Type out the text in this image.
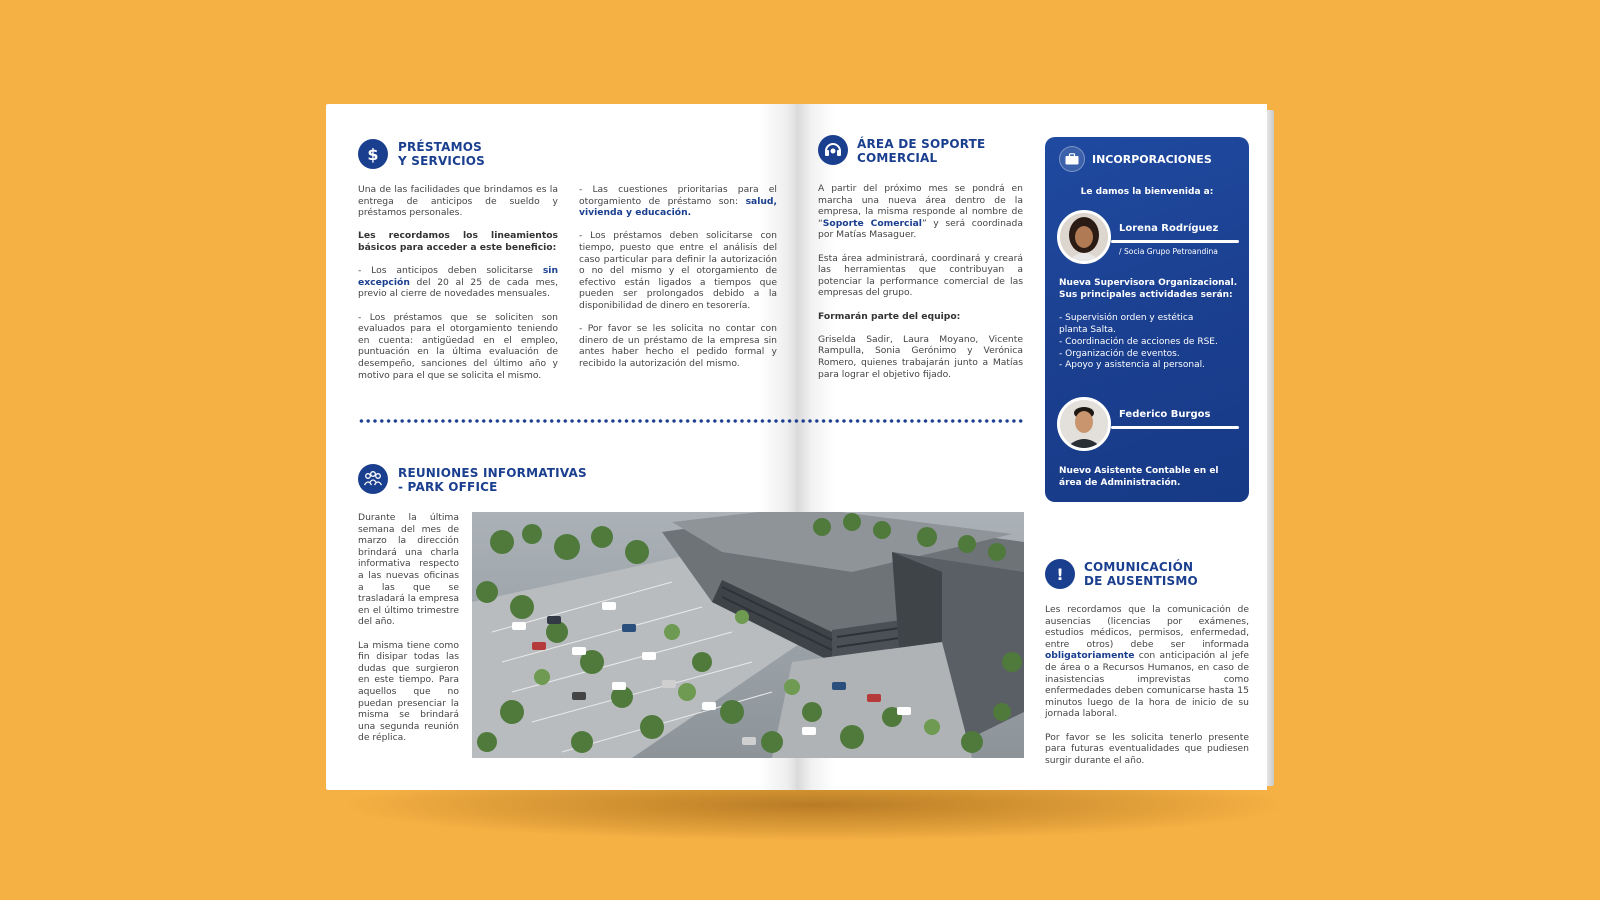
$	PRÉSTAMOS
Y SERVICIOS

Una de las facilidades que brindamos es la entrega de anticipos de sueldo y préstamos personales.

Les recordamos los lineamientos básicos para acceder a este beneficio:

- Los anticipos deben solicitarse sin excepción del 20 al 25 de cada mes, previo al cierre de novedades mensuales.

- Los préstamos que se soliciten son evaluados para el otorgamiento teniendo en cuenta: antigüedad en el empleo, puntuación en la última evaluación de desempeño, sanciones del último año y motivo para el que se solicita el mismo.

- Las cuestiones prioritarias para el otorgamiento de préstamo son: salud, vivienda y educación.

- Los préstamos deben solicitarse con tiempo, puesto que entre el análisis del caso particular para definir la autorización o no del mismo y el otorgamiento de efectivo están ligados a tiempos que pueden ser prolongados debido a la disponibilidad de dinero en tesorería.

- Por favor se les solicita no contar con dinero de un préstamo de la empresa sin antes haber hecho el pedido formal y recibido la autorización del mismo.

ÁREA DE SOPORTE
COMERCIAL

A partir del próximo mes se pondrá en marcha una nueva área dentro de la empresa, la misma responde al nombre de “Soporte Comercial” y será coordinada por Matías Masaguer.

Esta área administrará, coordinará y creará las herramientas que contribuyan a potenciar la performance comercial de las empresas del grupo.

Formarán parte del equipo:

Griselda Sadir, Laura Moyano, Vicente Rampulla, Sonia Gerónimo y Verónica Romero, quienes trabajarán junto a Matías para lograr el objetivo fijado.

REUNIONES INFORMATIVAS
- PARK OFFICE

Durante la última semana del mes de marzo la dirección brindará una charla informativa respecto a las nuevas oficinas a las que se trasladará la empresa en el último trimestre del año.

La misma tiene como fin disipar todas las dudas que surgieron en este tiempo. Para aquellos que no puedan presenciar la misma se brindará una segunda reunión de réplica.

INCORPORACIONES
Le damos la bienvenida a:
Lorena Rodríguez
/ Socia Grupo Petroandina
Nueva Supervisora Organizacional. Sus principales actividades serán:
- Supervisión orden y estética planta Salta.
- Coordinación de acciones de RSE.
- Organización de eventos.
- Apoyo y asistencia al personal.
Federico Burgos
Nuevo Asistente Contable en el área de Administración.
!	COMUNICACIÓN
DE AUSENTISMO

Les recordamos que la comunicación de ausencias (licencias por exámenes, estudios médicos, permisos, enfermedad, entre otros) debe ser informada obligatoriamente con anticipación al jefe de área o a Recursos Humanos, en caso de inasistencias imprevistas como enfermedades deben comunicarse hasta 15 minutos luego de la hora de inicio de su jornada laboral.

Por favor se les solicita tenerlo presente para futuras eventualidades que pudiesen surgir durante el año.
